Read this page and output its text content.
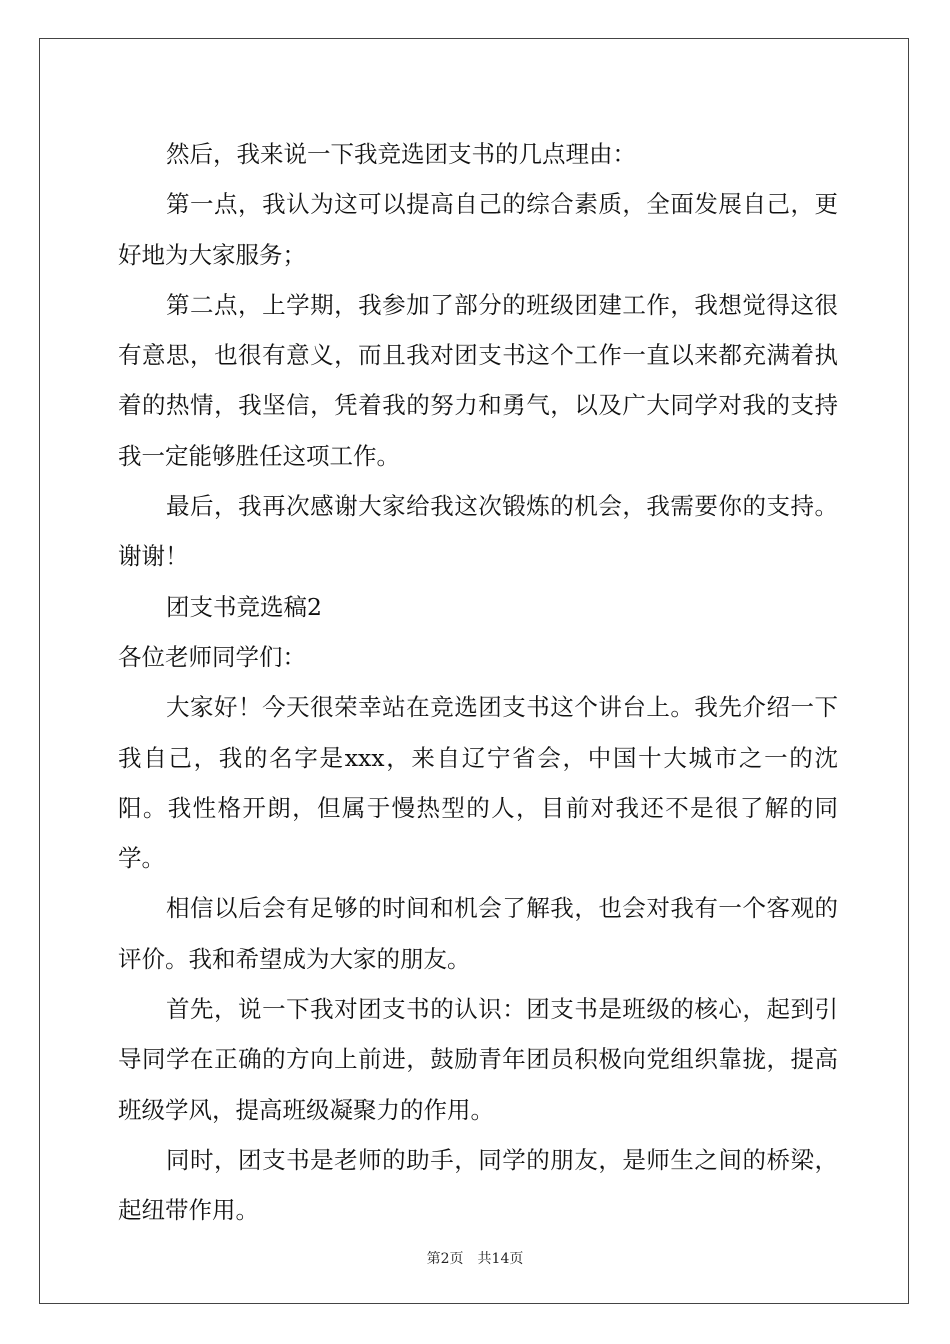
然后，我来说一下我竞选团支书的几点理由：

第一点，我认为这可以提高自己的综合素质，全面发展自己，更好地为大家服务；

第二点，上学期，我参加了部分的班级团建工作，我想觉得这很有意思，也很有意义，而且我对团支书这个工作一直以来都充满着执着的热情，我坚信，凭着我的努力和勇气，以及广大同学对我的支持我一定能够胜任这项工作。

最后，我再次感谢大家给我这次锻炼的机会，我需要你的支持。谢谢！

团支书竞选稿2

各位老师同学们：

大家好！今天很荣幸站在竞选团支书这个讲台上。我先介绍一下我自己，我的名字是xxx，来自辽宁省会，中国十大城市之一的沈阳。我性格开朗，但属于慢热型的人，目前对我还不是很了解的同学。

相信以后会有足够的时间和机会了解我，也会对我有一个客观的评价。我和希望成为大家的朋友。

首先，说一下我对团支书的认识：团支书是班级的核心，起到引导同学在正确的方向上前进，鼓励青年团员积极向党组织靠拢，提高班级学风，提高班级凝聚力的作用。

同时，团支书是老师的助手，同学的朋友，是师生之间的桥梁，起纽带作用。

第2页 共14页
